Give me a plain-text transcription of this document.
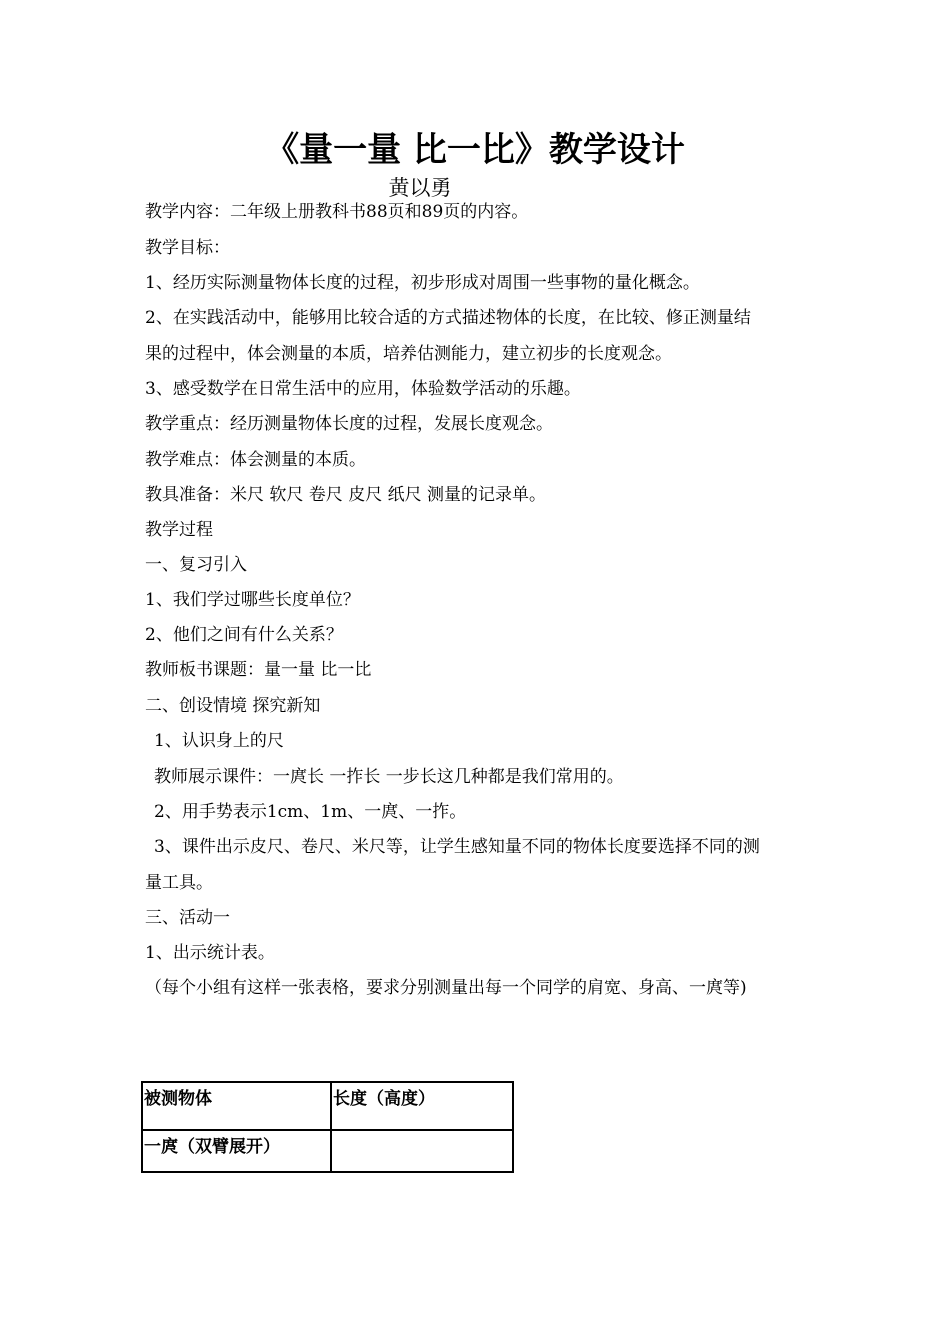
《量一量 比一比》教学设计
黄以勇
教学内容：二年级上册教科书88页和89页的内容。
教学目标：
1、经历实际测量物体长度的过程，初步形成对周围一些事物的量化概念。
2、在实践活动中，能够用比较合适的方式描述物体的长度，在比较、修正测量结
果的过程中，体会测量的本质，培养估测能力，建立初步的长度观念。
3、感受数学在日常生活中的应用，体验数学活动的乐趣。
教学重点：经历测量物体长度的过程，发展长度观念。
教学难点：体会测量的本质。
教具准备：米尺 软尺 卷尺 皮尺 纸尺 测量的记录单。
教学过程
一、复习引入
1、我们学过哪些长度单位？
2、他们之间有什么关系？
教师板书课题：量一量 比一比
二、创设情境 探究新知
1、认识身上的尺
教师展示课件：一庹长 一拃长 一步长这几种都是我们常用的。
2、用手势表示1cm、1m、一庹、一拃。
3、课件出示皮尺、卷尺、米尺等，让学生感知量不同的物体长度要选择不同的测
量工具。
三、活动一
1、出示统计表。
（每个小组有这样一张表格，要求分别测量出每一个同学的肩宽、身高、一庹等)
被测物体	长度（高度）
一庹（双臂展开）	
